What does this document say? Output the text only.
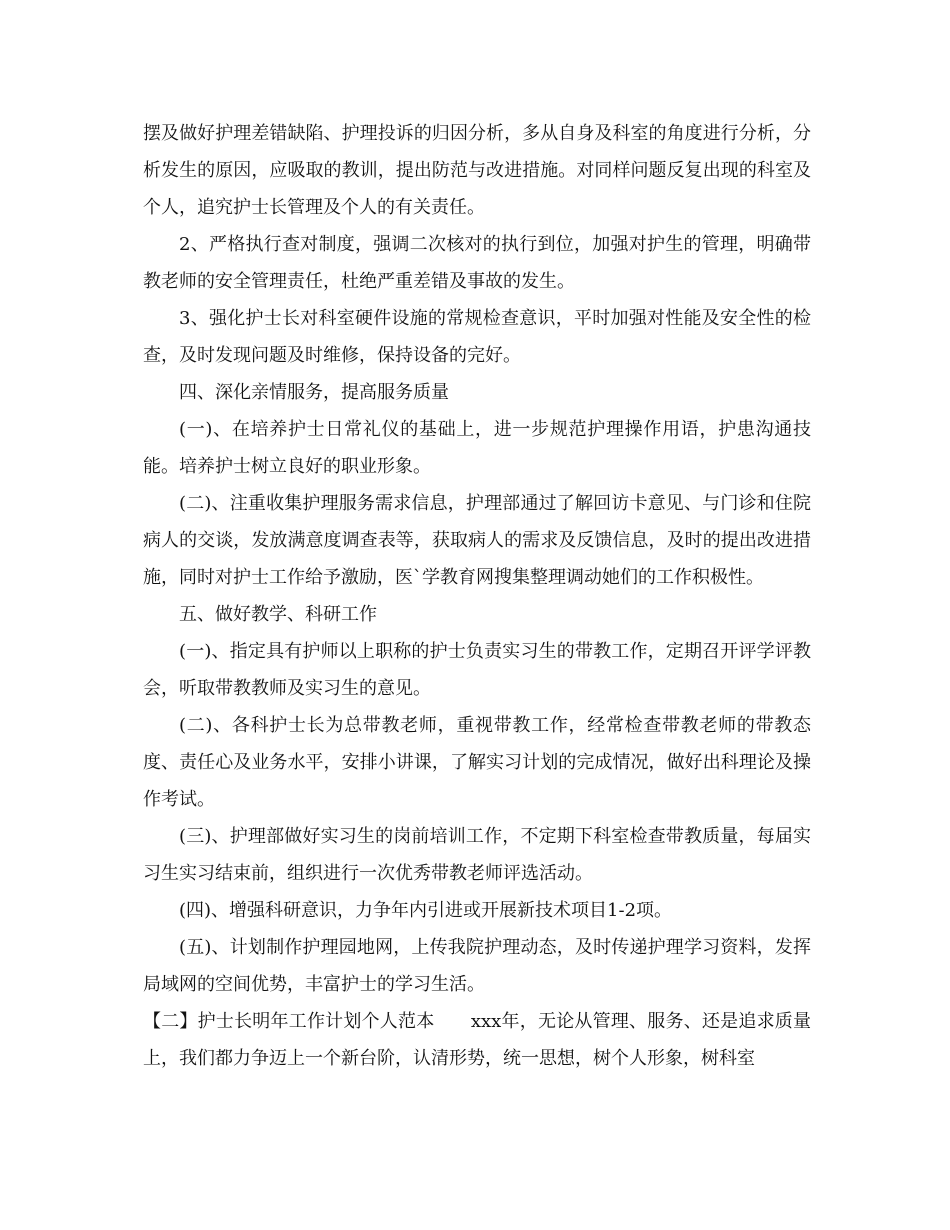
摆及做好护理差错缺陷、护理投诉的归因分析，多从自身及科室的角度进行分析，分析发生的原因，应吸取的教训，提出防范与改进措施。对同样问题反复出现的科室及个人，追究护士长管理及个人的有关责任。

2、严格执行查对制度，强调二次核对的执行到位，加强对护生的管理，明确带教老师的安全管理责任，杜绝严重差错及事故的发生。

3、强化护士长对科室硬件设施的常规检查意识，平时加强对性能及安全性的检查，及时发现问题及时维修，保持设备的完好。

四、深化亲情服务，提高服务质量

(一)、在培养护士日常礼仪的基础上，进一步规范护理操作用语，护患沟通技能。培养护士树立良好的职业形象。

(二)、注重收集护理服务需求信息，护理部通过了解回访卡意见、与门诊和住院病人的交谈，发放满意度调查表等，获取病人的需求及反馈信息，及时的提出改进措施，同时对护士工作给予激励，医`学教育网搜集整理调动她们的工作积极性。

五、做好教学、科研工作

(一)、指定具有护师以上职称的护士负责实习生的带教工作，定期召开评学评教会，听取带教教师及实习生的意见。

(二)、各科护士长为总带教老师，重视带教工作，经常检查带教老师的带教态度、责任心及业务水平，安排小讲课，了解实习计划的完成情况，做好出科理论及操作考试。

(三)、护理部做好实习生的岗前培训工作，不定期下科室检查带教质量，每届实习生实习结束前，组织进行一次优秀带教老师评选活动。

(四)、增强科研意识，力争年内引进或开展新技术项目1-2项。

(五)、计划制作护理园地网，上传我院护理动态，及时传递护理学习资料，发挥局域网的空间优势，丰富护士的学习生活。

【二】护士长明年工作计划个人范本　　xxx年，无论从管理、服务、还是追求质量上，我们都力争迈上一个新台阶，认清形势，统一思想，树个人形象，树科室
